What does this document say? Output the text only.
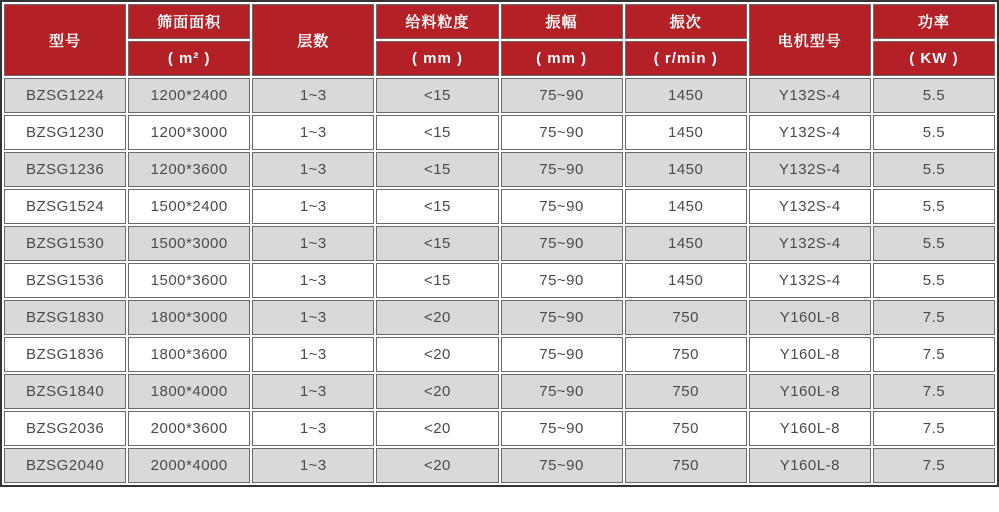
型号	筛面面积	层数	给料粒度	振幅	振次	电机型号	功率
	( m² )		( mm )	( mm )	( r/min )		( KW )
BZSG1224	1200*2400	1~3	<15	75~90	1450	Y132S-4	5.5
BZSG1230	1200*3000	1~3	<15	75~90	1450	Y132S-4	5.5
BZSG1236	1200*3600	1~3	<15	75~90	1450	Y132S-4	5.5
BZSG1524	1500*2400	1~3	<15	75~90	1450	Y132S-4	5.5
BZSG1530	1500*3000	1~3	<15	75~90	1450	Y132S-4	5.5
BZSG1536	1500*3600	1~3	<15	75~90	1450	Y132S-4	5.5
BZSG1830	1800*3000	1~3	<20	75~90	750	Y160L-8	7.5
BZSG1836	1800*3600	1~3	<20	75~90	750	Y160L-8	7.5
BZSG1840	1800*4000	1~3	<20	75~90	750	Y160L-8	7.5
BZSG2036	2000*3600	1~3	<20	75~90	750	Y160L-8	7.5
BZSG2040	2000*4000	1~3	<20	75~90	750	Y160L-8	7.5
